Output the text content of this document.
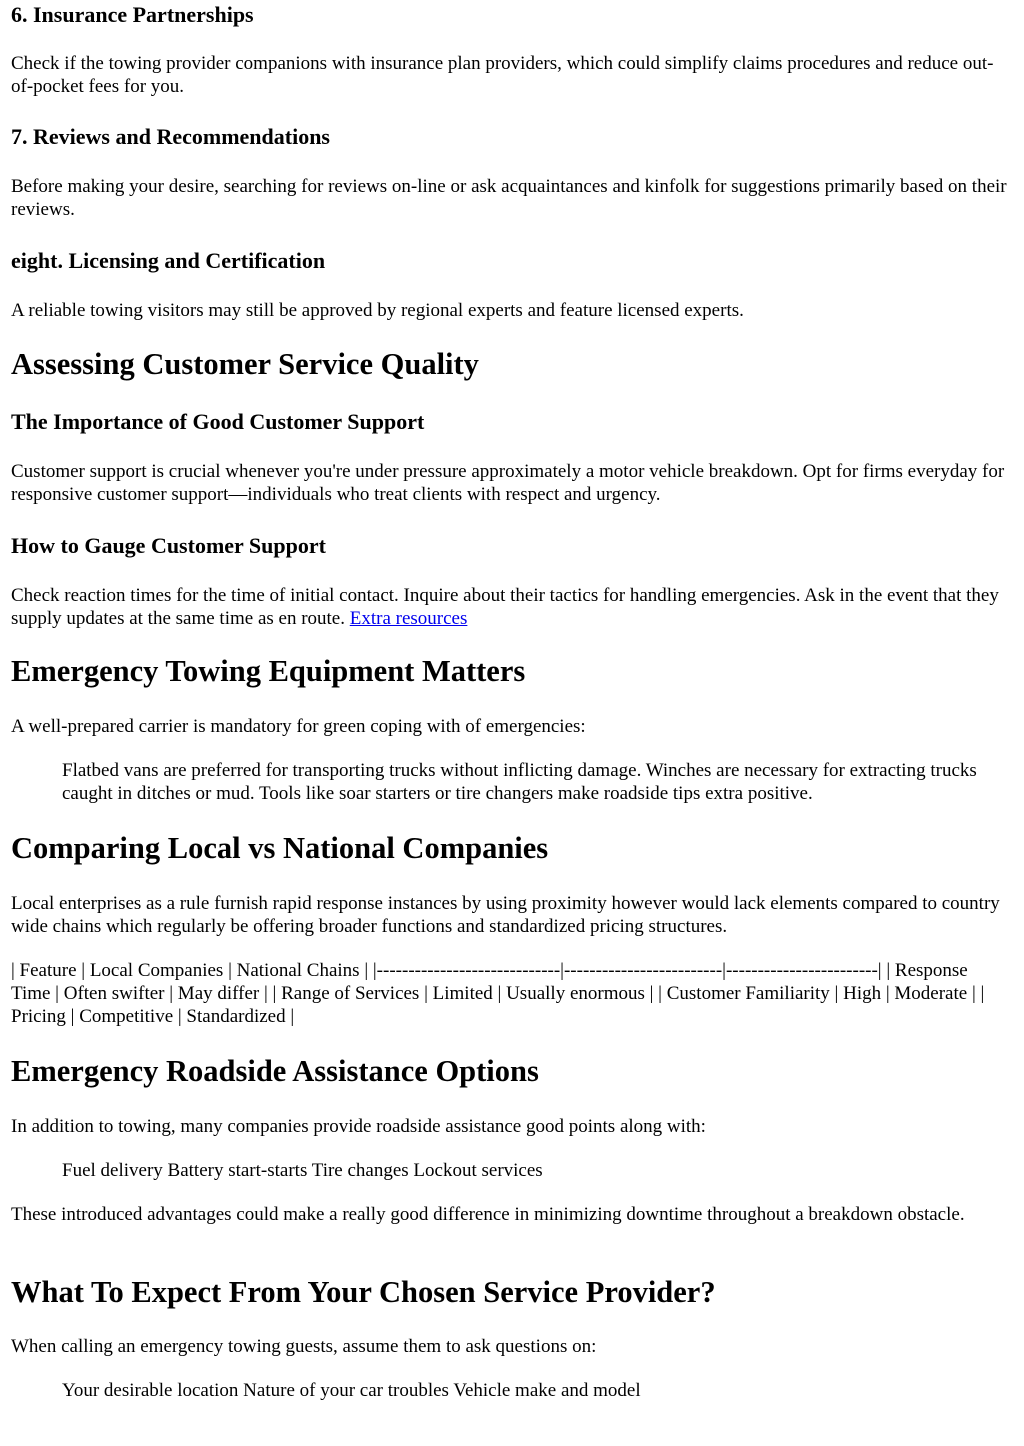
6. Insurance Partnerships

Check if the towing provider companions with insurance plan providers, which could simplify claims procedures and reduce out-of-pocket fees for you.

7. Reviews and Recommendations

Before making your desire, searching for reviews on-line or ask acquaintances and kinfolk for suggestions primarily based on their reviews.

eight. Licensing and Certification

A reliable towing visitors may still be approved by regional experts and feature licensed experts.

Assessing Customer Service Quality
The Importance of Good Customer Support

Customer support is crucial whenever you're under pressure approximately a motor vehicle breakdown. Opt for firms everyday for responsive customer support—individuals who treat clients with respect and urgency.

How to Gauge Customer Support

Check reaction times for the time of initial contact. Inquire about their tactics for handling emergencies. Ask in the event that they supply updates at the same time as en route. Extra resources

Emergency Towing Equipment Matters

A well-prepared carrier is mandatory for green coping with of emergencies:

Flatbed vans are preferred for transporting trucks without inflicting damage. Winches are necessary for extracting trucks caught in ditches or mud. Tools like soar starters or tire changers make roadside tips extra positive.

Comparing Local vs National Companies

Local enterprises as a rule furnish rapid response instances by using proximity however would lack elements compared to country wide chains which regularly be offering broader functions and standardized pricing structures.

| Feature | Local Companies | National Chains | |-----------------------------|-------------------------|------------------------| | Response Time | Often swifter | May differ | | Range of Services | Limited | Usually enormous | | Customer Familiarity | High | Moderate | | Pricing | Competitive | Standardized |

Emergency Roadside Assistance Options

In addition to towing, many companies provide roadside assistance good points along with:

Fuel delivery Battery start-starts Tire changes Lockout services

These introduced advantages could make a really good difference in minimizing downtime throughout a breakdown obstacle.

What To Expect From Your Chosen Service Provider?

When calling an emergency towing guests, assume them to ask questions on:

Your desirable location Nature of your car troubles Vehicle make and model
